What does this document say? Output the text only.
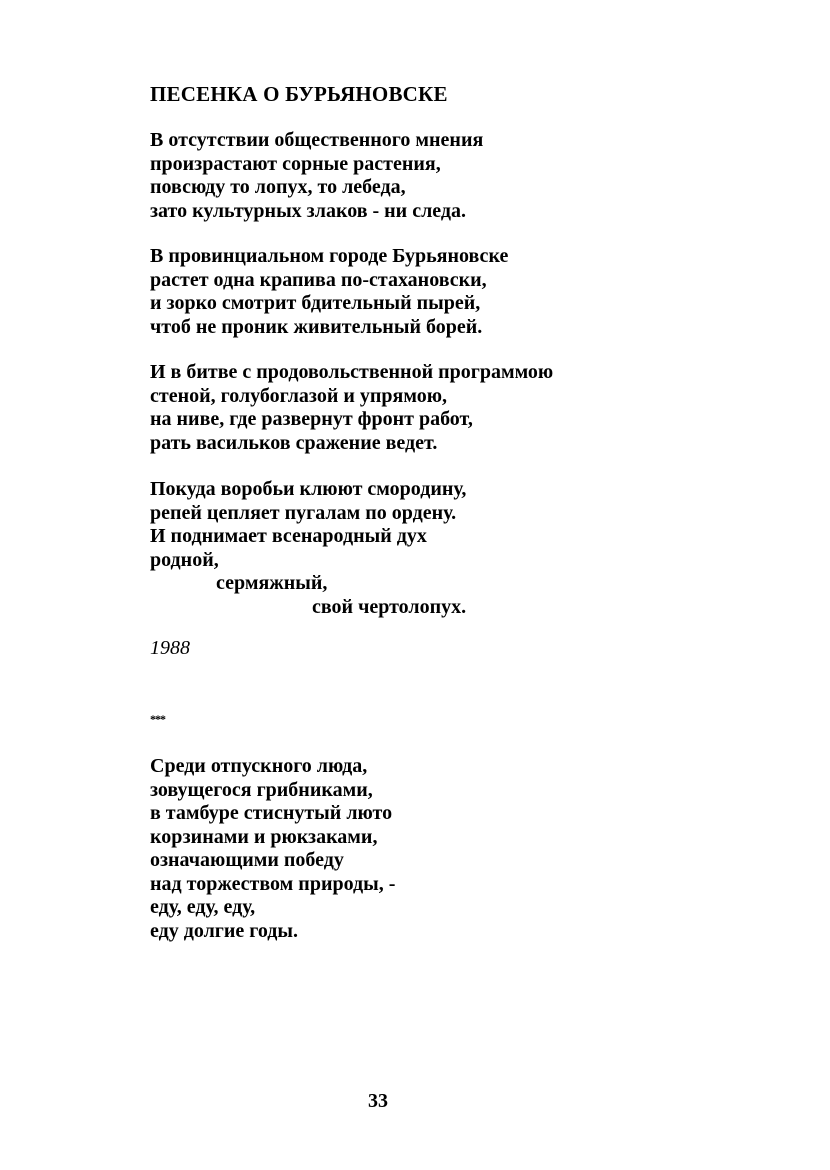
ПЕСЕНКА О БУРЬЯНОВСКЕ
В отсутствии общественного мнения
произрастают сорные растения,
повсюду то лопух, то лебеда,
зато культурных злаков - ни следа.
В провинциальном городе Бурьяновске
растет одна крапива по-стахановски,
и зорко смотрит бдительный пырей,
чтоб не проник живительный борей.
И в битве с продовольственной программою
стеной, голубоглазой и упрямою,
на ниве, где развернут фронт работ,
рать васильков сражение ведет.
Покуда воробьи клюют смородину,
репей цепляет пугалам по ордену.
И поднимает всенародный дух
родной,
сермяжный,
свой чертолопух.

1988

***

Среди отпускного люда,
зовущегося грибниками,
в тамбуре стиснутый люто
корзинами и рюкзаками,
означающими победу
над торжеством природы, -
еду, еду, еду,
еду долгие годы.

33
